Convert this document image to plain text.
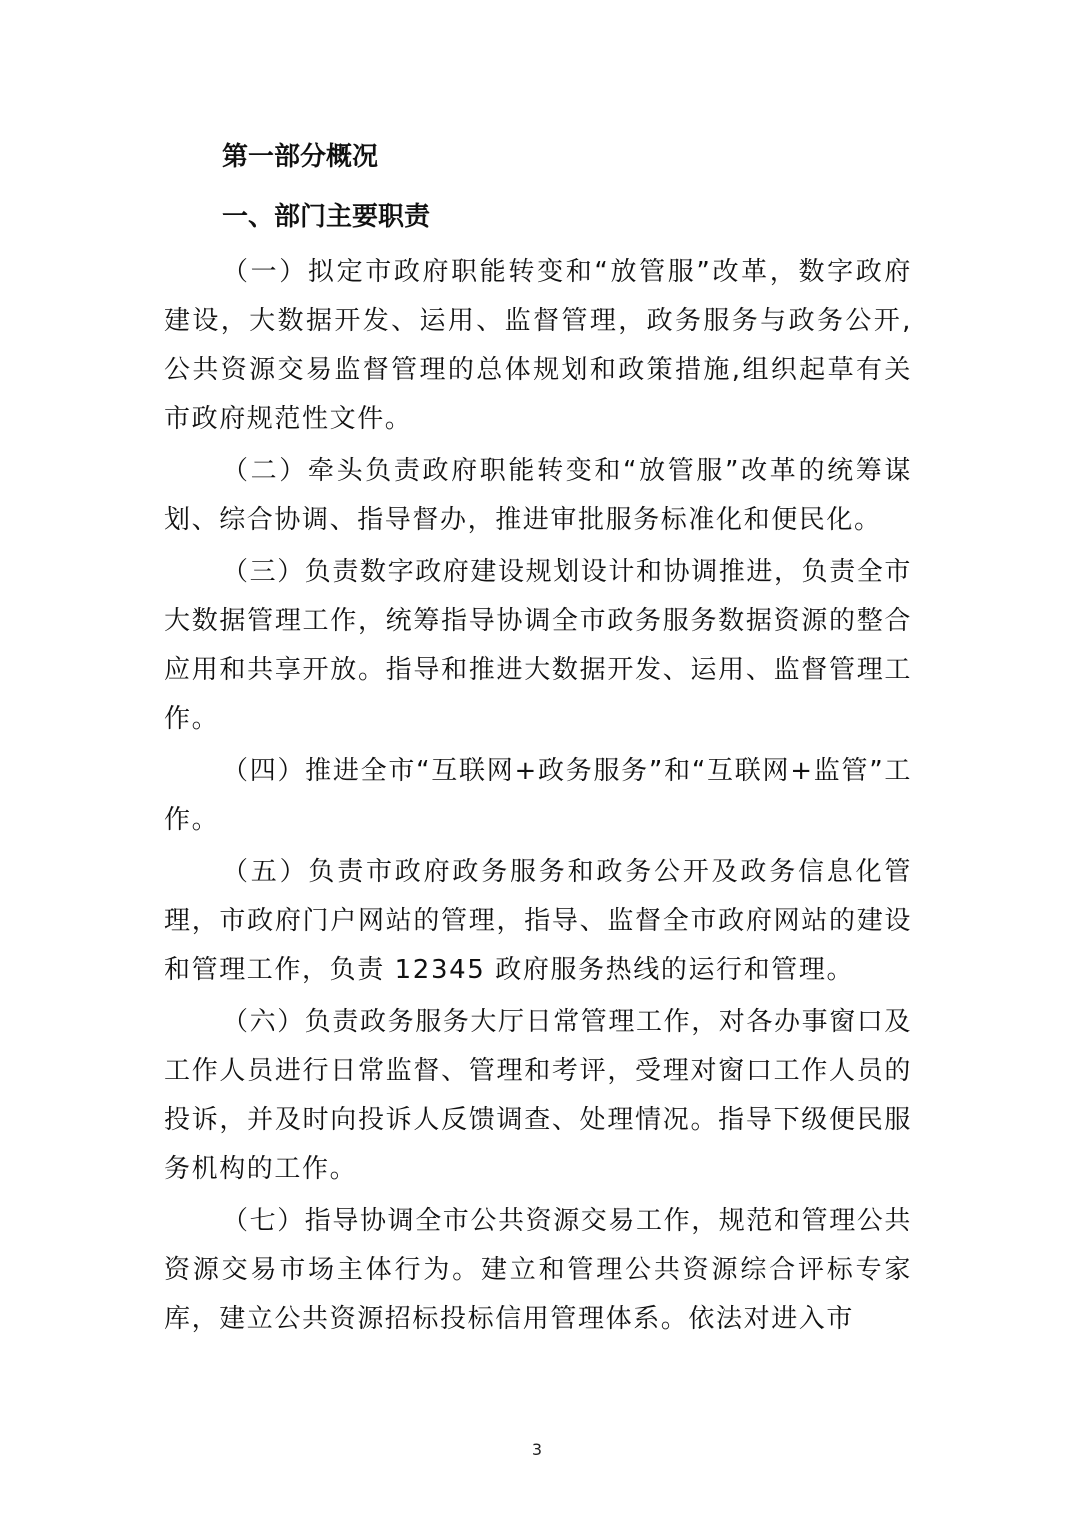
第一部分概况
一、部门主要职责

（一）拟定市政府职能转变和“放管服”改革，数字政府建设，大数据开发、运用、监督管理，政务服务与政务公开,公共资源交易监督管理的总体规划和政策措施,组织起草有关市政府规范性文件。

（二）牵头负责政府职能转变和“放管服”改革的统筹谋划、综合协调、指导督办，推进审批服务标准化和便民化。

（三）负责数字政府建设规划设计和协调推进，负责全市大数据管理工作，统筹指导协调全市政务服务数据资源的整合应用和共享开放。指导和推进大数据开发、运用、监督管理工作。

（四）推进全市“互联网+政务服务”和“互联网+监管”工作。

（五）负责市政府政务服务和政务公开及政务信息化管理，市政府门户网站的管理，指导、监督全市政府网站的建设和管理工作，负责 12345 政府服务热线的运行和管理。

（六）负责政务服务大厅日常管理工作，对各办事窗口及工作人员进行日常监督、管理和考评，受理对窗口工作人员的投诉，并及时向投诉人反馈调查、处理情况。指导下级便民服务机构的工作。

（七）指导协调全市公共资源交易工作，规范和管理公共资源交易市场主体行为。建立和管理公共资源综合评标专家库，建立公共资源招标投标信用管理体系。依法对进入市

3
